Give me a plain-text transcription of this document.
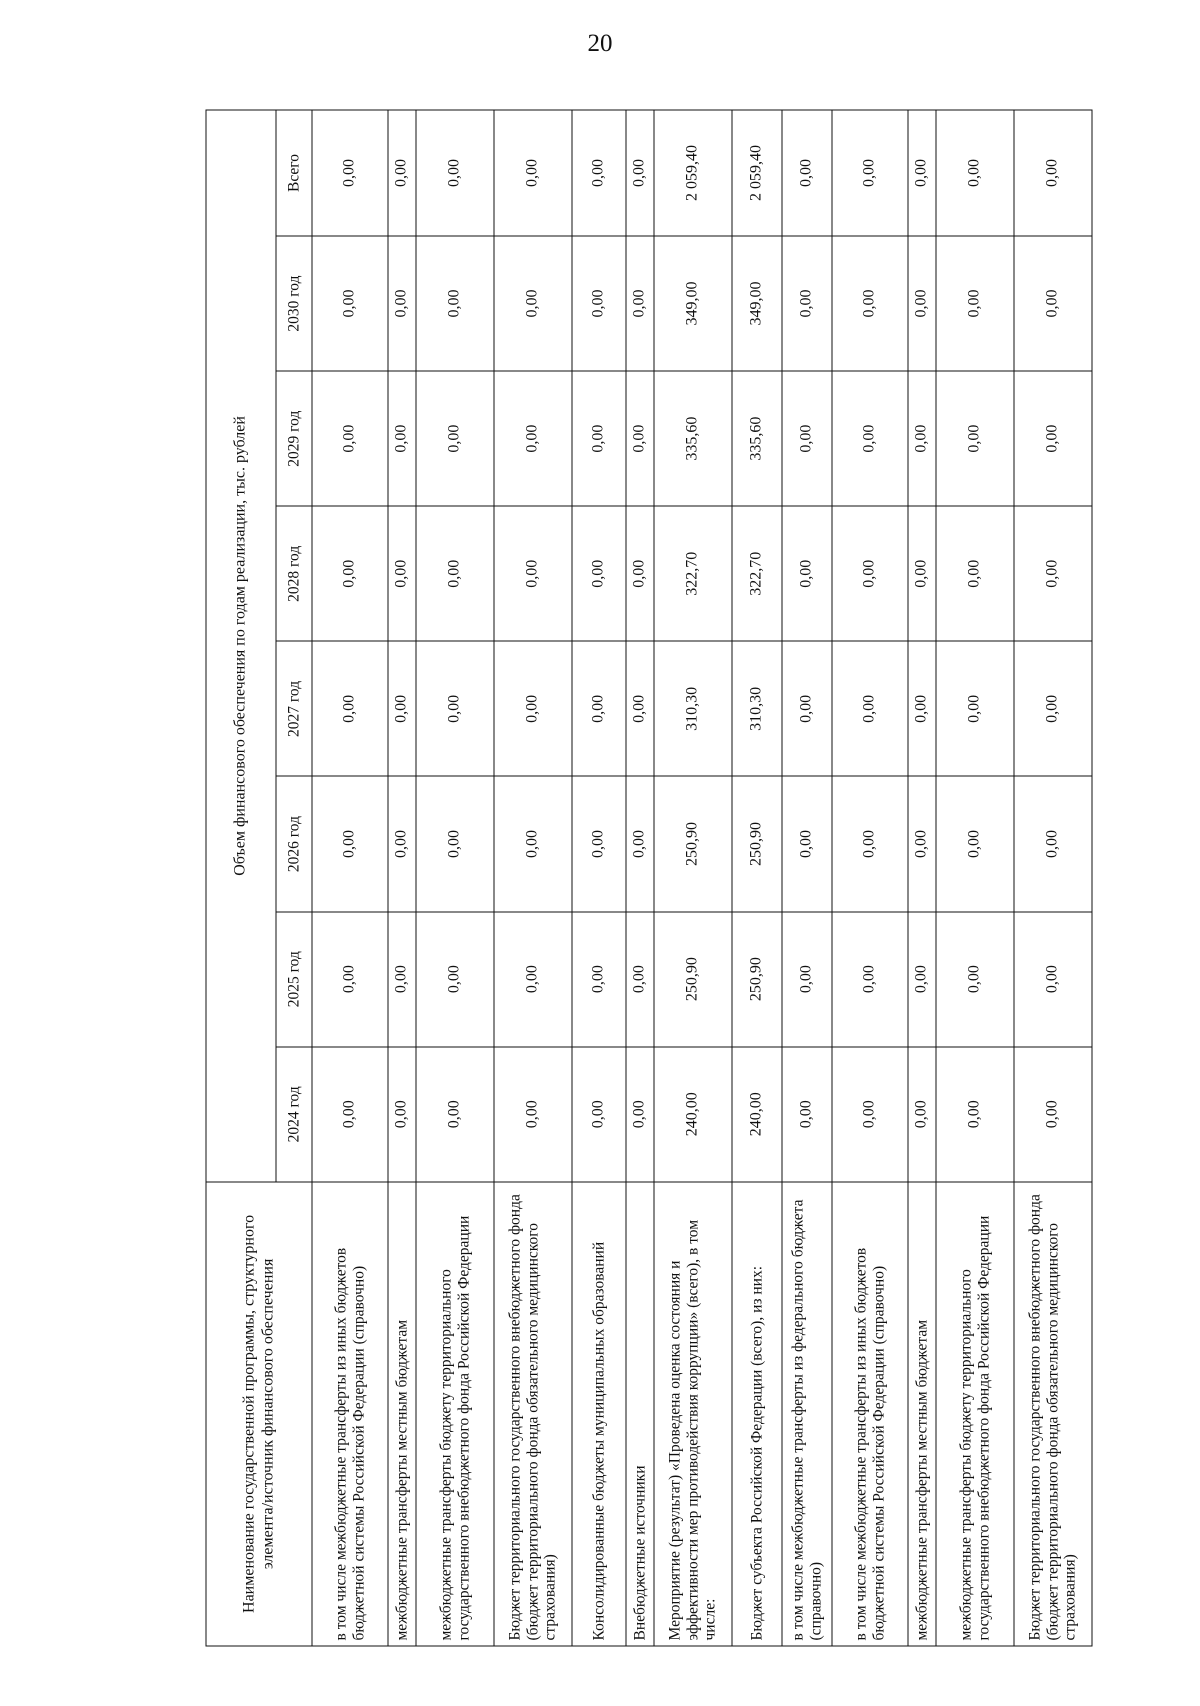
20
Наименование государственной программы, структурного элемента/источник финансового обеспечения	Объем финансового обеспечения по годам реализации, тыс. рублей							
	2024 год	2025 год	2026 год	2027 год	2028 год	2029 год	2030 год	Всего
в том числе межбюджетные трансферты из иных бюджетов бюджетной системы Российской Федерации (справочно)	0,00	0,00	0,00	0,00	0,00	0,00	0,00	0,00
межбюджетные трансферты местным бюджетам	0,00	0,00	0,00	0,00	0,00	0,00	0,00	0,00
межбюджетные трансферты бюджету территориального государственного внебюджетного фонда Российской Федерации	0,00	0,00	0,00	0,00	0,00	0,00	0,00	0,00
Бюджет территориального государственного внебюджетного фонда (бюджет территориального фонда обязательного медицинского страхования)	0,00	0,00	0,00	0,00	0,00	0,00	0,00	0,00
Консолидированные бюджеты муниципальных образований	0,00	0,00	0,00	0,00	0,00	0,00	0,00	0,00
Внебюджетные источники	0,00	0,00	0,00	0,00	0,00	0,00	0,00	0,00
Мероприятие (результат) «Проведена оценка состояния и эффективности мер противодействия коррупции» (всего), в том числе:	240,00	250,90	250,90	310,30	322,70	335,60	349,00	2 059,40
Бюджет субъекта Российской Федерации (всего), из них:	240,00	250,90	250,90	310,30	322,70	335,60	349,00	2 059,40
в том числе межбюджетные трансферты из федерального бюджета (справочно)	0,00	0,00	0,00	0,00	0,00	0,00	0,00	0,00
в том числе межбюджетные трансферты из иных бюджетов бюджетной системы Российской Федерации (справочно)	0,00	0,00	0,00	0,00	0,00	0,00	0,00	0,00
межбюджетные трансферты местным бюджетам	0,00	0,00	0,00	0,00	0,00	0,00	0,00	0,00
межбюджетные трансферты бюджету территориального государственного внебюджетного фонда Российской Федерации	0,00	0,00	0,00	0,00	0,00	0,00	0,00	0,00
Бюджет территориального государственного внебюджетного фонда (бюджет территориального фонда обязательного медицинского страхования)	0,00	0,00	0,00	0,00	0,00	0,00	0,00	0,00
